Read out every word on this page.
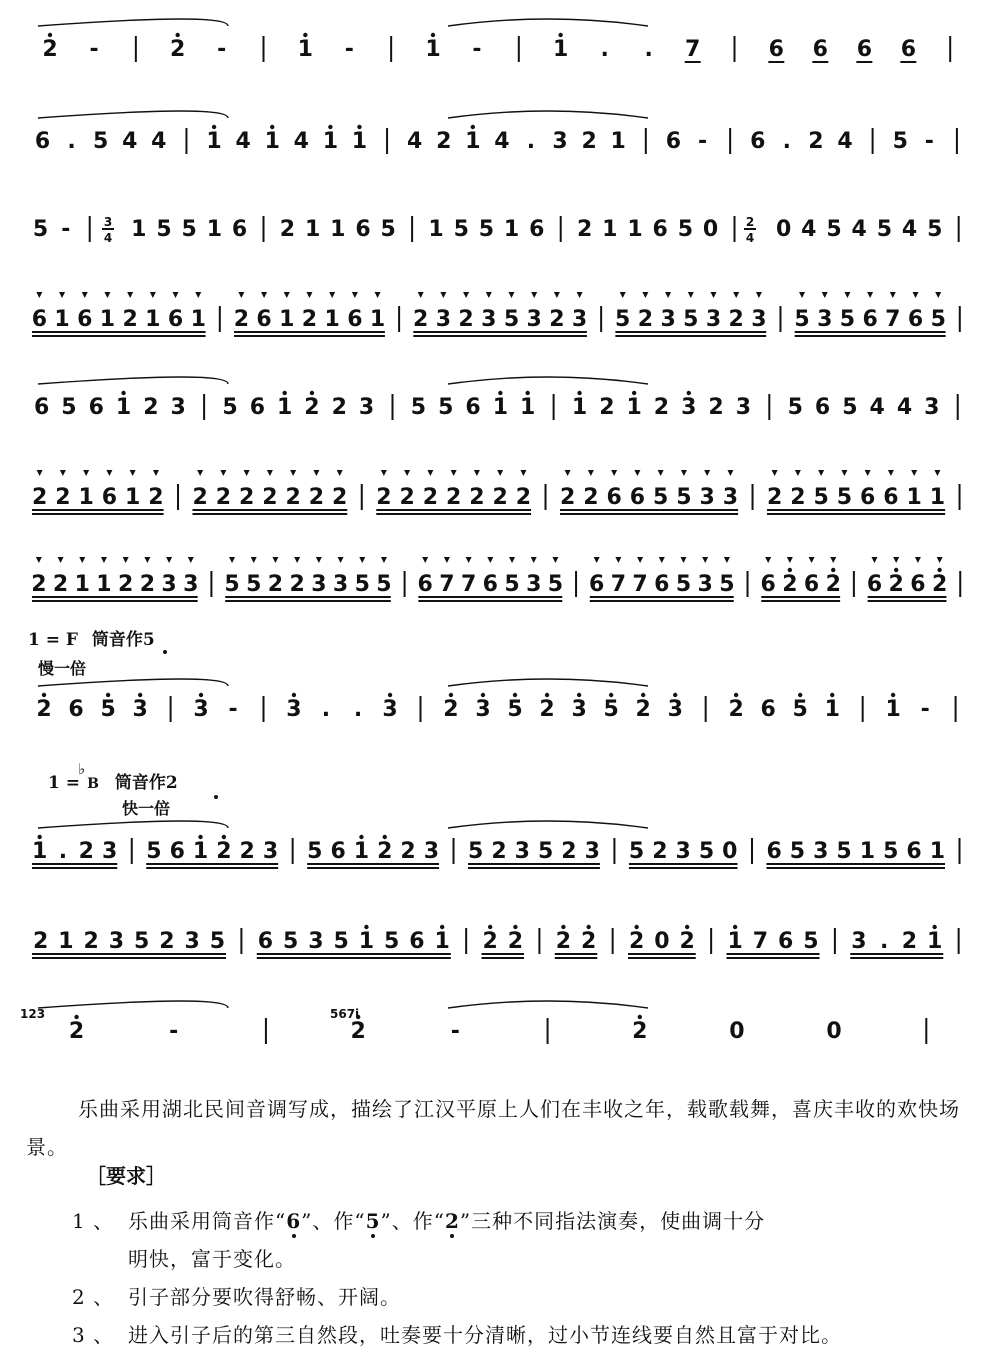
2 -	2 -	1 -	1 -	1 . . 7	6 6 6 6
6 . 5 4 4 1 4 1 4 1 1 4 2 1 4 . 3 2 1 6 - 6 . 2 4 5 -
5 -	1 5 5 1 6 2 1 1 6 5 1 5 5 1 6 2 1 1 6 5 0	0 4 5 4 5 4 5
6 1 6 1 2 1 6 1 2 6 1 2 1 6 1 2 3 2 3 5 3 2 3 5 2 3 5 3 2 3 5 3 5 6 7 6 5
6 5 6 1 2 3 5 6 1 2 2 3 5 5 6 1 1 1 2 1 2 3 2 3 5 6 5 4 4 3
2 2 1 6 1 2 2 2 2 2 2 2 2 2 2 2 2 2 2 2 2 2 6 6 5 5 3 3 2 2 5 5 6 6 1 1
2 2 1 1 2 2 3 3 5 5 2 2 3 3 5 5 6 7 7 6 5 3 5 6 7 7 6 5 3 5 6 2 6 2 6 2 6 2
2 6 5 3 3 - 3 . . 3 2 3 5 2 3 5 2 3 2 6 5 1 1 -
1 . 2 3 5 6 1 2 2 3 5 6 1 2 2 3 5 2 3 5 2 3 5 2 3 5 0 6 5 3 5 1 5 6 1
2 1 2 3 5 2 3 5 6 5 3 5 1 5 6 1 2 2 2 2 2 0 2 1 7 6 5 3 . 2 1
2	-	2	-	2	0	0
3
4
2
4
123	567i
1 = F 筒音作5
慢一倍
1 =♭B 筒音作2
快一倍

乐曲采用湖北民间音调写成，描绘了江汉平原上人们在丰收之年，载歌载舞，喜庆丰收的欢快场景。

［要求］
1 、 乐曲采用筒音作“6”、作“5”、作“2”三种不同指法演奏，使曲调十分
明快，富于变化。
2 、 引子部分要吹得舒畅、开阔。
3 、 进入引子后的第三自然段，吐奏要十分清晰，过小节连线要自然且富于对比。
